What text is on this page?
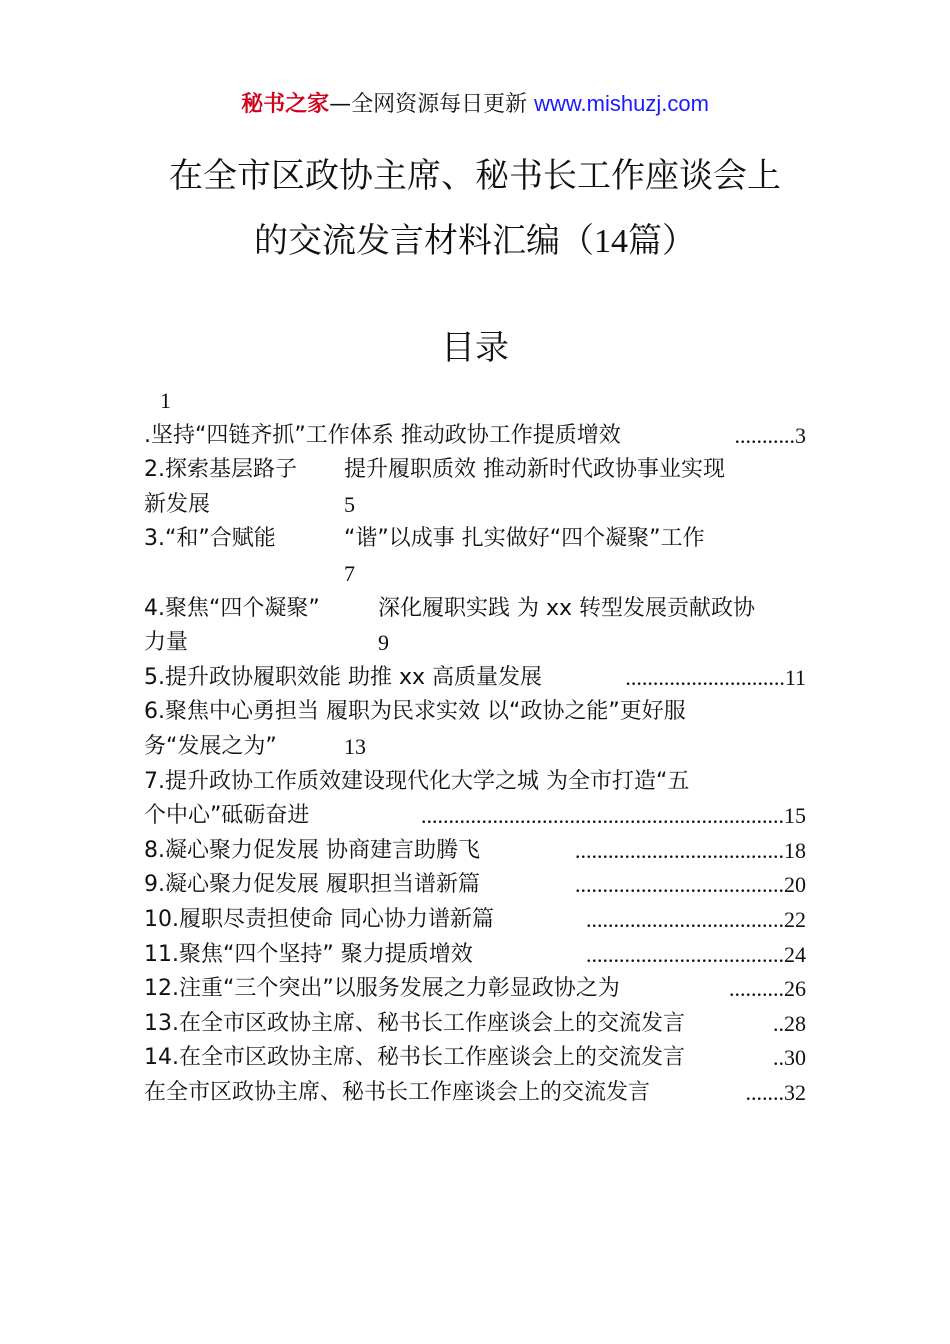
秘书之家—全网资源每日更新 www.mishuzj.com
在全市区政协主席、秘书长工作座谈会上
的交流发言材料汇编（14篇）
目录
1
.坚持“四链齐抓”工作体系 推动政协工作提质增效	...........3
2.探索基层路子 提升履职质效 推动新时代政协事业实现
新发展	5
3.“和”合赋能	“谐”以成事 扎实做好“四个凝聚”工作
7
4.聚焦“四个凝聚”	深化履职实践 为 xx 转型发展贡献政协
力量	9
5.提升政协履职效能 助推 xx 高质量发展	.............................11
6.聚焦中心勇担当 履职为民求实效 以“政协之能”更好服
务“发展之为”	13
7.提升政协工作质效建设现代化大学之城 为全市打造“五
个中心”砥砺奋进	..................................................................15
8.凝心聚力促发展 协商建言助腾飞	......................................18
9.凝心聚力促发展 履职担当谱新篇	......................................20
10.履职尽责担使命 同心协力谱新篇	....................................22
11.聚焦“四个坚持” 聚力提质增效	....................................24
12.注重“三个突出”以服务发展之力彰显政协之为	..........26
13.在全市区政协主席、秘书长工作座谈会上的交流发言	..28
14.在全市区政协主席、秘书长工作座谈会上的交流发言	..30
在全市区政协主席、秘书长工作座谈会上的交流发言	.......32
